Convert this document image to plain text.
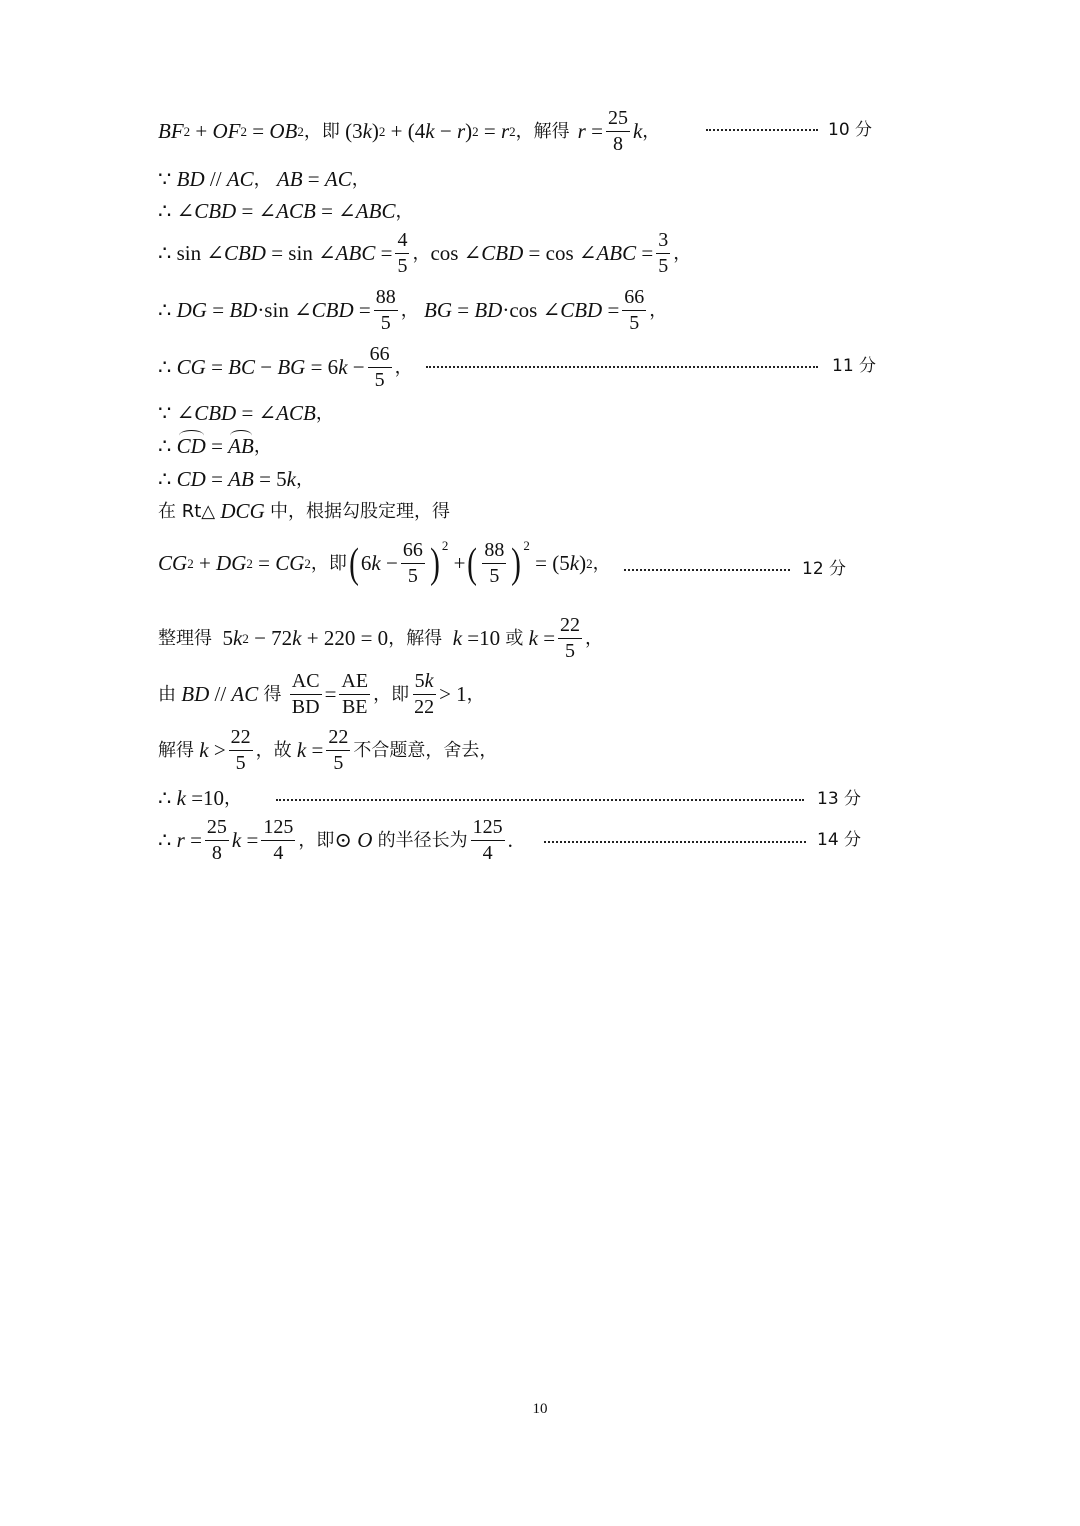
BF 2 + OF 2 = OB 2 ， 即 (3 k ) 2 + (4 k − r ) 2 = r 2 ， 解得 $r = \frac{25}{8}$ k ，	10 分
∵ BD // AC ，
AB = AC ，
∴ ∠ CBD = ∠ ACB = ∠ ABC ，
∴ sin ∠ CBD = sin ∠ ABC = $\frac{4}{5}$ ， cos ∠ CBD = cos ∠ ABC = $\frac{3}{5}$ ，
∴ DG = BD ·sin ∠ CBD = $\frac{88}{5}$ ，
BG = BD ·cos ∠ CBD = $\frac{66}{5}$ ，
∴ CG = BC − BG = 6 $k - \frac{66}{5}$ ，	11 分
∵ ∠ CBD = ∠ ACB ，
∴ CD = AB ，
∴ CD = AB = 5 k ，
在 Rt△
DCG
中，根据勾股定理，得
CG 2 + DG 2 = CG 2 ， 即 ( 6 $k - \frac{66}{5} )^2$
+ ( $\frac{88}{5} )^2$
= (5 k ) 2 ，	12 分
整理得 5 k 2 − 72 k + 220 = 0 ， 解得
k =10 或
$k = \frac{22}{5}$ ，
由
BD // AC
得
$\frac{AC}{BD} = \frac{AE}{BE}$ ， 即 $\frac{5k}{22} > 1$ ，
解得
$k > \frac{22}{5}$ ，故
$k = \frac{22}{5}$ 不合题意，舍去，
∴ k =10 ，	13 分
∴ $r = \frac{25}{8}$ $k = \frac{125}{4}$ ， 即 ⊙ O
的半径长为 $\frac{125}{4}$ .	14 分
10
